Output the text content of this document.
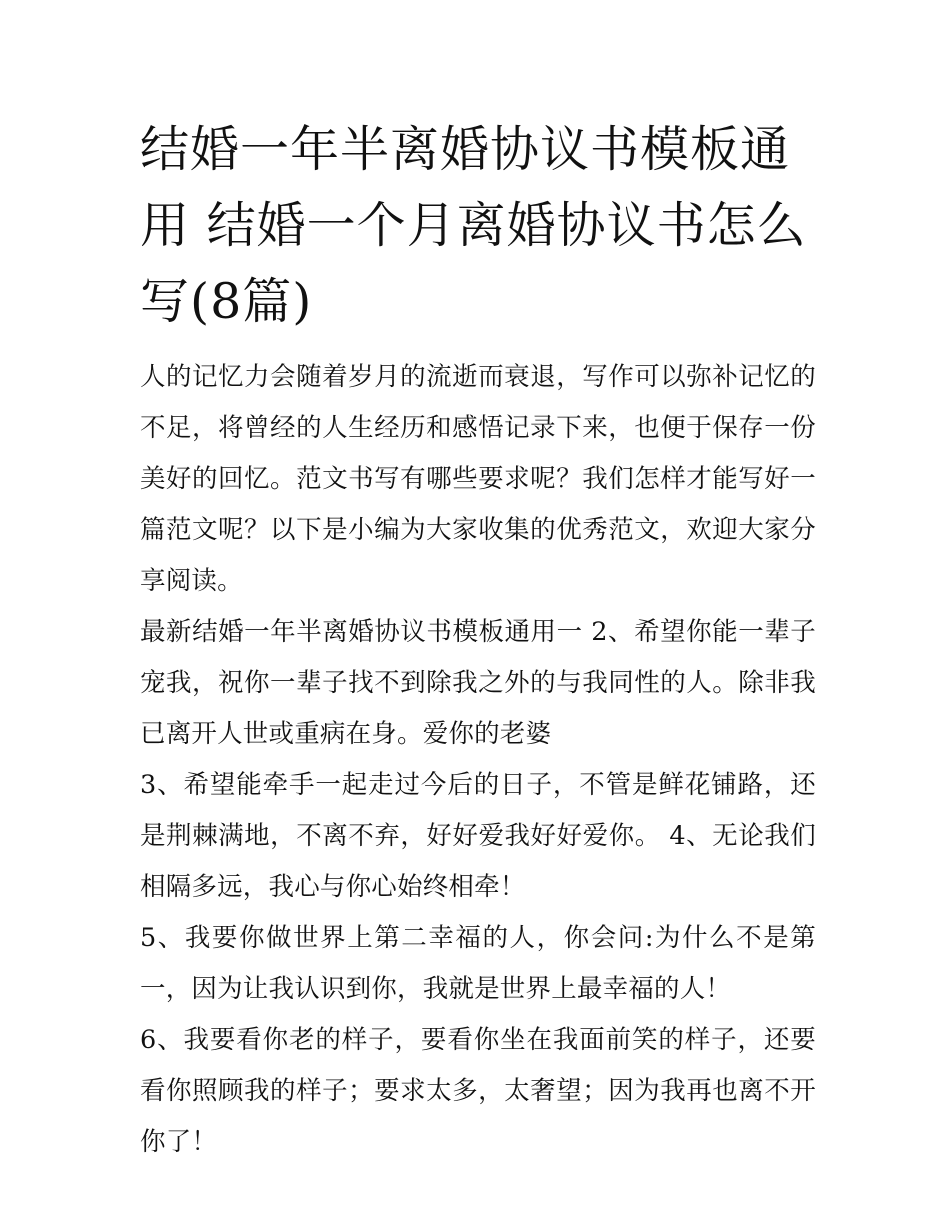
结婚一年半离婚协议书模板通用 结婚一个月离婚协议书怎么写(8篇)

人的记忆力会随着岁月的流逝而衰退，写作可以弥补记忆的不足，将曾经的人生经历和感悟记录下来，也便于保存一份美好的回忆。范文书写有哪些要求呢？我们怎样才能写好一篇范文呢？以下是小编为大家收集的优秀范文，欢迎大家分享阅读。

最新结婚一年半离婚协议书模板通用一 2、希望你能一辈子宠我，祝你一辈子找不到除我之外的与我同性的人。除非我已离开人世或重病在身。爱你的老婆

3、希望能牵手一起走过今后的日子，不管是鲜花铺路，还是荆棘满地，不离不弃，好好爱我好好爱你。 4、无论我们相隔多远，我心与你心始终相牵！

5、我要你做世界上第二幸福的人，你会问:为什么不是第一，因为让我认识到你，我就是世界上最幸福的人！

6、我要看你老的样子，要看你坐在我面前笑的样子，还要看你照顾我的样子；要求太多，太奢望；因为我再也离不开你了！
